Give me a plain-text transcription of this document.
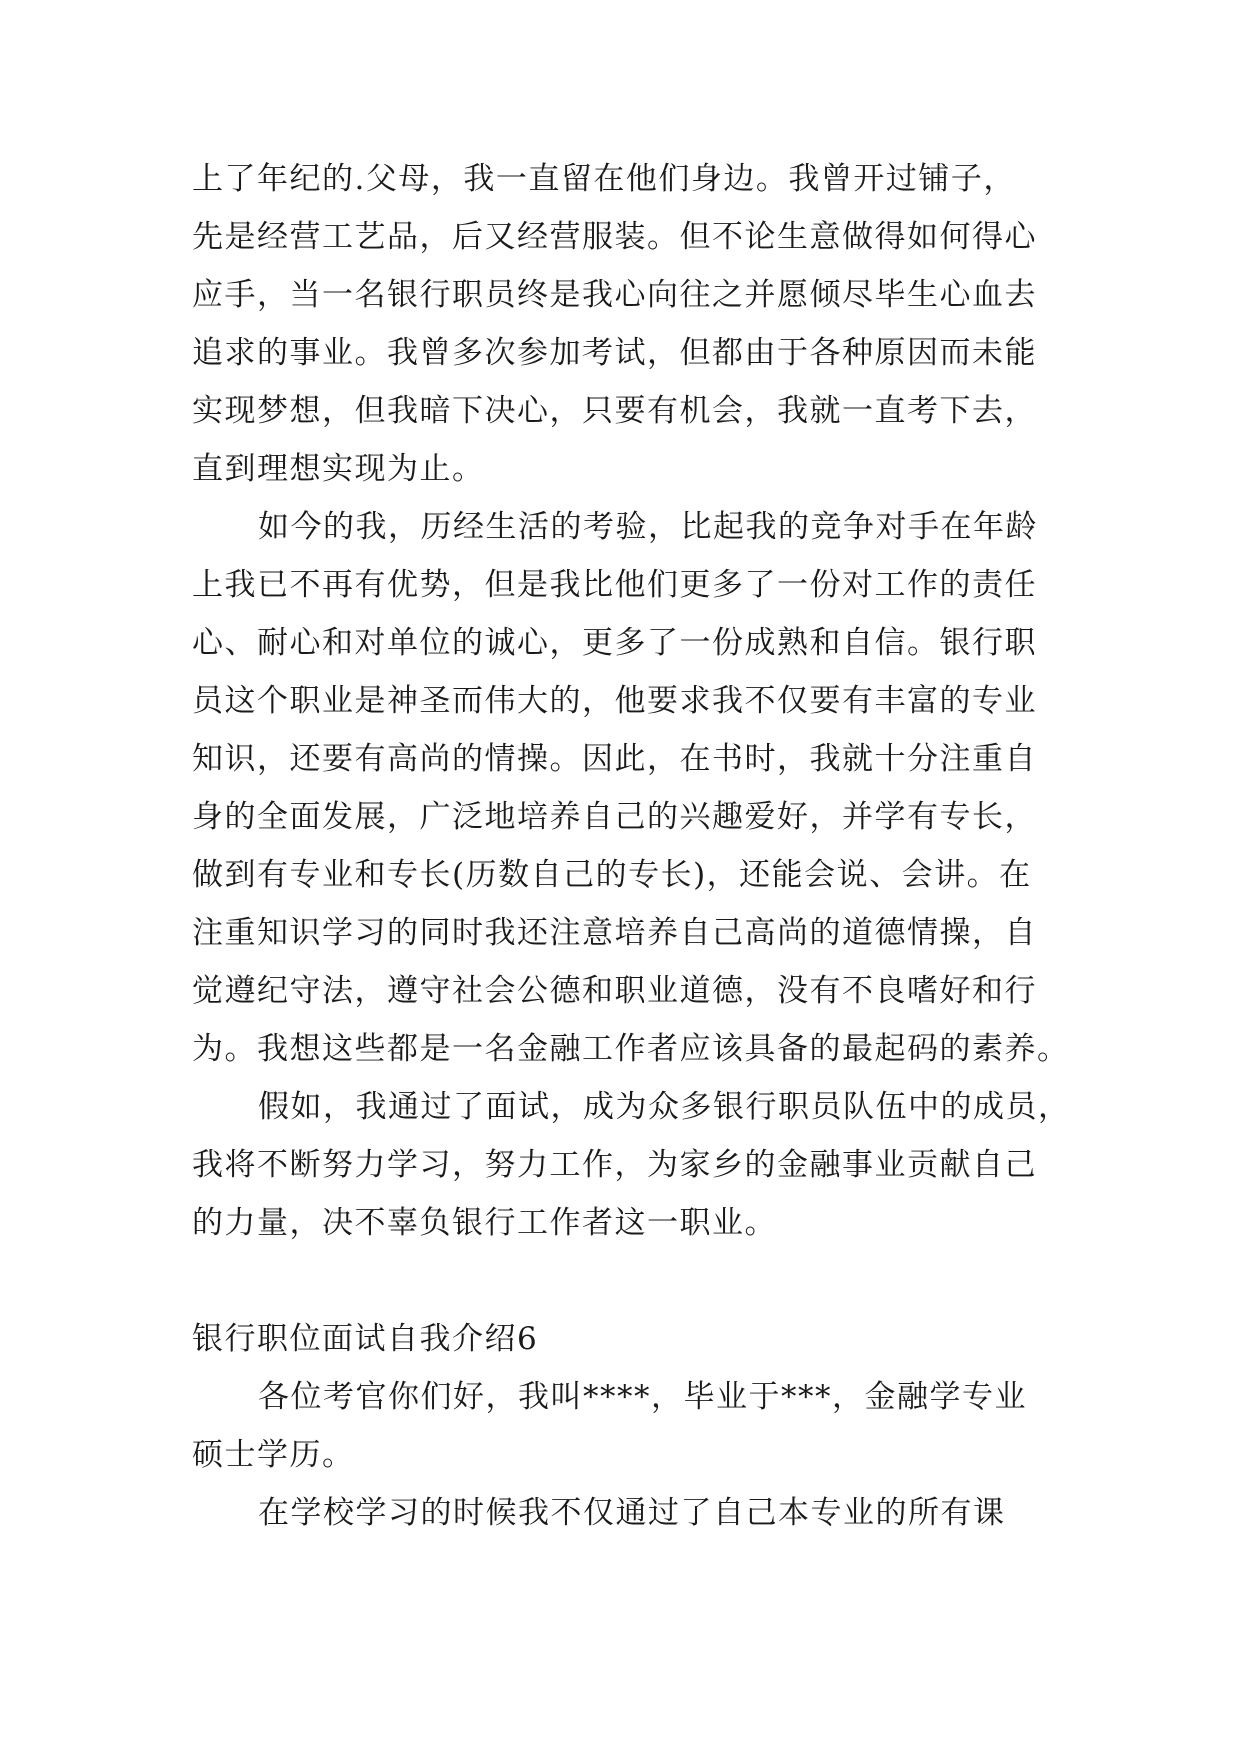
上了年纪的.父母，我一直留在他们身边。我曾开过铺子，
先是经营工艺品，后又经营服装。但不论生意做得如何得心
应手，当一名银行职员终是我心向往之并愿倾尽毕生心血去
追求的事业。我曾多次参加考试，但都由于各种原因而未能
实现梦想，但我暗下决心，只要有机会，我就一直考下去，
直到理想实现为止。
如今的我，历经生活的考验，比起我的竞争对手在年龄
上我已不再有优势，但是我比他们更多了一份对工作的责任
心、耐心和对单位的诚心，更多了一份成熟和自信。银行职
员这个职业是神圣而伟大的，他要求我不仅要有丰富的专业
知识，还要有高尚的情操。因此，在书时，我就十分注重自
身的全面发展，广泛地培养自己的兴趣爱好，并学有专长，
做到有专业和专长(历数自己的专长)，还能会说、会讲。在
注重知识学习的同时我还注意培养自己高尚的道德情操，自
觉遵纪守法，遵守社会公德和职业道德，没有不良嗜好和行
为。我想这些都是一名金融工作者应该具备的最起码的素养。
假如，我通过了面试，成为众多银行职员队伍中的成员，
我将不断努力学习，努力工作，为家乡的金融事业贡献自己
的力量，决不辜负银行工作者这一职业。
银行职位面试自我介绍6
各位考官你们好，我叫****，毕业于***，金融学专业
硕士学历。
在学校学习的时候我不仅通过了自己本专业的所有课
